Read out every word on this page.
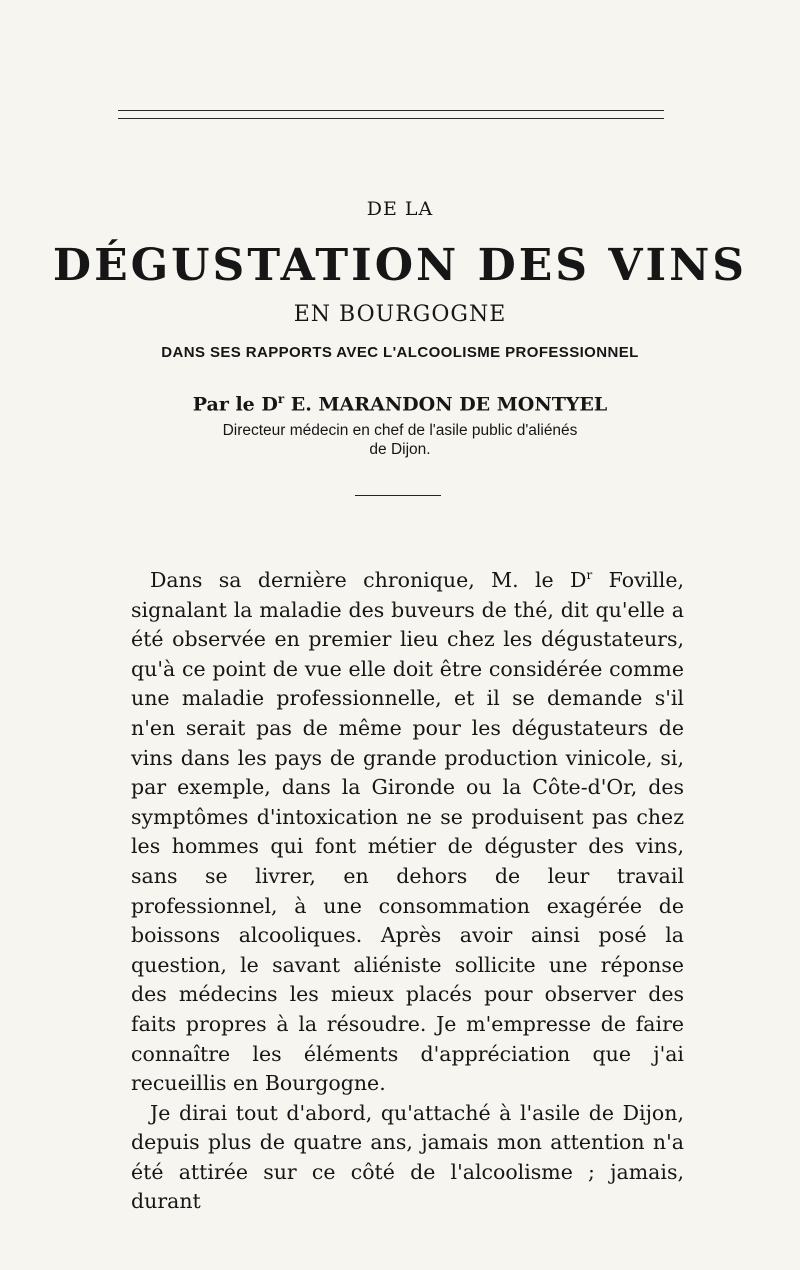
DE LA
DÉGUSTATION DES VINS
EN BOURGOGNE
DANS SES RAPPORTS AVEC L'ALCOOLISME PROFESSIONNEL
Par le $D^r$ E. MARANDON DE MONTYEL
Directeur médecin en chef de l'asile public d'aliénés
de Dijon.

Dans sa dernière chronique, M. le $D^r$ Foville, signalant la maladie des buveurs de thé, dit qu'elle a été observée en premier lieu chez les dégustateurs, qu'à ce point de vue elle doit être considérée comme une maladie professionnelle, et il se demande s'il n'en serait pas de même pour les dégustateurs de vins dans les pays de grande production vinicole, si, par exemple, dans la Gironde ou la Côte-d'Or, des symptômes d'intoxication ne se produisent pas chez les hommes qui font métier de déguster des vins, sans se livrer, en dehors de leur travail professionnel, à une consommation exagérée de boissons alcooliques. Après avoir ainsi posé la question, le savant aliéniste sollicite une réponse des médecins les mieux placés pour observer des faits propres à la résoudre. Je m'empresse de faire connaître les éléments d'appréciation que j'ai recueillis en Bourgogne.

Je dirai tout d'abord, qu'attaché à l'asile de Dijon, depuis plus de quatre ans, jamais mon attention n'a été attirée sur ce côté de l'alcoolisme ; jamais, durant
